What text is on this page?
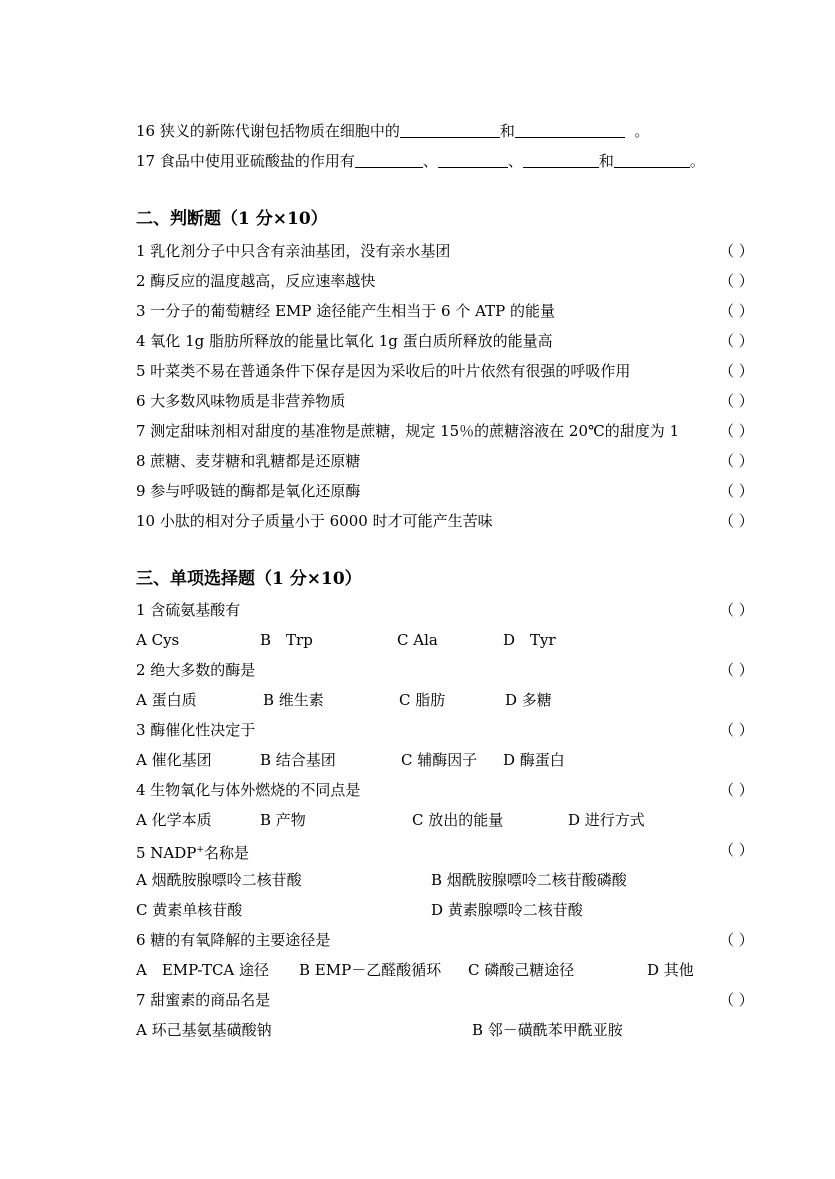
16 狭义的新陈代谢包括物质在细胞中的	和	。
17 食品中使用亚硫酸盐的作用有	、	、	和	。
二、判断题（1 分×10）
1 乳化剂分子中只含有亲油基团，没有亲水基团	（ ）
2 酶反应的温度越高，反应速率越快	（ ）
3 一分子的葡萄糖经 EMP 途径能产生相当于 6 个 ATP 的能量	（ ）
4 氧化 1g 脂肪所释放的能量比氧化 1g 蛋白质所释放的能量高	（ ）
5 叶菜类不易在普通条件下保存是因为采收后的叶片依然有很强的呼吸作用	（ ）
6 大多数风味物质是非营养物质	（ ）
7 测定甜味剂相对甜度的基准物是蔗糖，规定 15％的蔗糖溶液在 20℃的甜度为 1	（ ）
8 蔗糖、麦芽糖和乳糖都是还原糖	（ ）
9 参与呼吸链的酶都是氧化还原酶	（ ）
10 小肽的相对分子质量小于 6000 时才可能产生苦味	（ ）
三、单项选择题（1 分×10）
1 含硫氨基酸有	（ ）
A Cys	B　Trp	C Ala	D　Tyr
2 绝大多数的酶是	（ ）
A 蛋白质	B 维生素	C 脂肪	D 多糖
3 酶催化性决定于	（ ）
A 催化基团	B 结合基团	C 辅酶因子 D 酶蛋白
4 生物氧化与体外燃烧的不同点是	（ ）
A 化学本质	B 产物	C 放出的能量	D 进行方式
5 NADP+名称是	（ ）
A 烟酰胺腺嘌呤二核苷酸	B 烟酰胺腺嘌呤二核苷酸磷酸
C 黄素单核苷酸	D 黄素腺嘌呤二核苷酸
6 糖的有氧降解的主要途径是	（ ）
A　EMP-TCA 途径 B EMP－乙醛酸循环 C 磷酸己糖途径	D 其他
7 甜蜜素的商品名是	（ ）
A 环己基氨基磺酸钠	B 邻－磺酰苯甲酰亚胺
